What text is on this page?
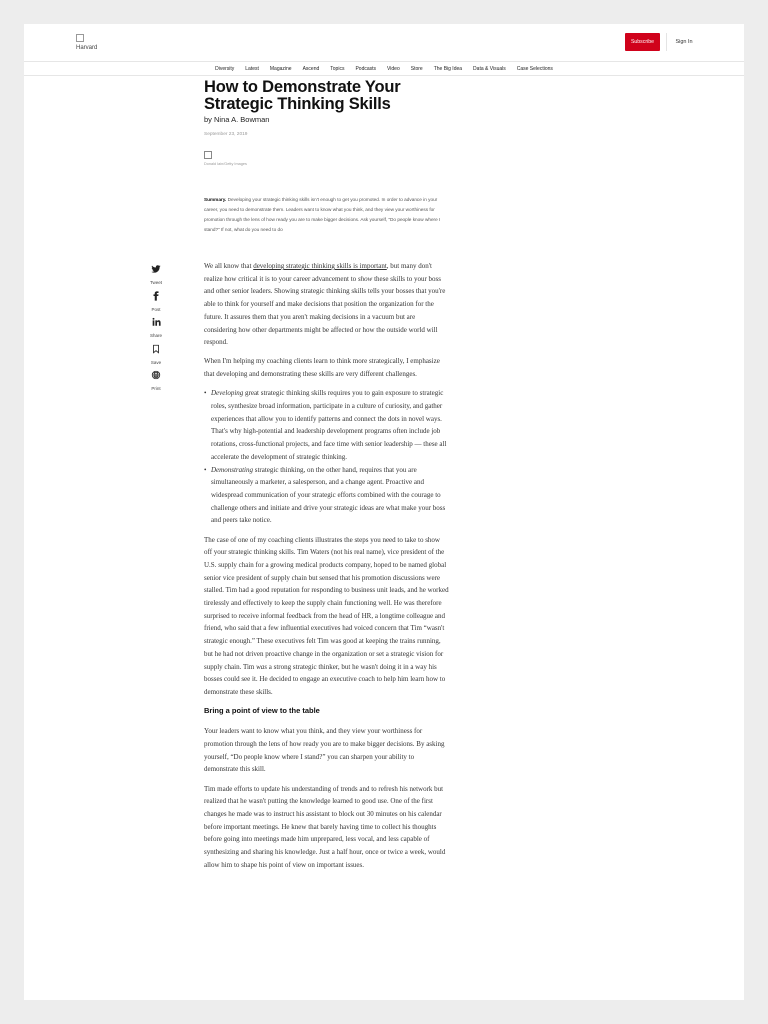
Harvard
Subscribe	Sign In
Diversity Latest Magazine Ascend Topics Podcasts Video Store The Big Idea Data & Visuals Case Selections
How to Demonstrate Your Strategic Thinking Skills
by Nina A. Bowman
September 23, 2019
Donald Iain/Getty Images
Summary. Developing your strategic thinking skills isn't enough to get you promoted. In order to advance in your career, you need to demonstrate them. Leaders want to know what you think, and they view your worthiness for promotion through the lens of how ready you are to make bigger decisions. Ask yourself, “Do people know where I stand?” If not, what do you need to do
Tweet
Post
Share
Save
Print

We all know that developing strategic thinking skills is important, but many don't realize how critical it is to your career advancement to show these skills to your boss and other senior leaders. Showing strategic thinking skills tells your bosses that you're able to think for yourself and make decisions that position the organization for the future. It assures them that you aren't making decisions in a vacuum but are considering how other departments might be affected or how the outside world will respond.

When I'm helping my coaching clients learn to think more strategically, I emphasize that developing and demonstrating these skills are very different challenges.

• Developing great strategic thinking skills requires you to gain exposure to strategic roles, synthesize broad information, participate in a culture of curiosity, and gather experiences that allow you to identify patterns and connect the dots in novel ways. That's why high-potential and leadership development programs often include job rotations, cross-functional projects, and face time with senior leadership — these all accelerate the development of strategic thinking.
• Demonstrating strategic thinking, on the other hand, requires that you are simultaneously a marketer, a salesperson, and a change agent. Proactive and widespread communication of your strategic efforts combined with the courage to challenge others and initiate and drive your strategic ideas are what make your boss and peers take notice.

The case of one of my coaching clients illustrates the steps you need to take to show off your strategic thinking skills. Tim Waters (not his real name), vice president of the U.S. supply chain for a growing medical products company, hoped to be named global senior vice president of supply chain but sensed that his promotion discussions were stalled. Tim had a good reputation for responding to business unit leads, and he worked tirelessly and effectively to keep the supply chain functioning well. He was therefore surprised to receive informal feedback from the head of HR, a longtime colleague and friend, who said that a few influential executives had voiced concern that Tim “wasn't strategic enough.” These executives felt Tim was good at keeping the trains running, but he had not driven proactive change in the organization or set a strategic vision for supply chain. Tim was a strong strategic thinker, but he wasn't doing it in a way his bosses could see it. He decided to engage an executive coach to help him learn how to demonstrate these skills.

Bring a point of view to the table

Your leaders want to know what you think, and they view your worthiness for promotion through the lens of how ready you are to make bigger decisions. By asking yourself, “Do people know where I stand?” you can sharpen your ability to demonstrate this skill.

Tim made efforts to update his understanding of trends and to refresh his network but realized that he wasn't putting the knowledge learned to good use. One of the first changes he made was to instruct his assistant to block out 30 minutes on his calendar before important meetings. He knew that barely having time to collect his thoughts before going into meetings made him unprepared, less vocal, and less capable of synthesizing and sharing his knowledge. Just a half hour, once or twice a week, would allow him to shape his point of view on important issues.
